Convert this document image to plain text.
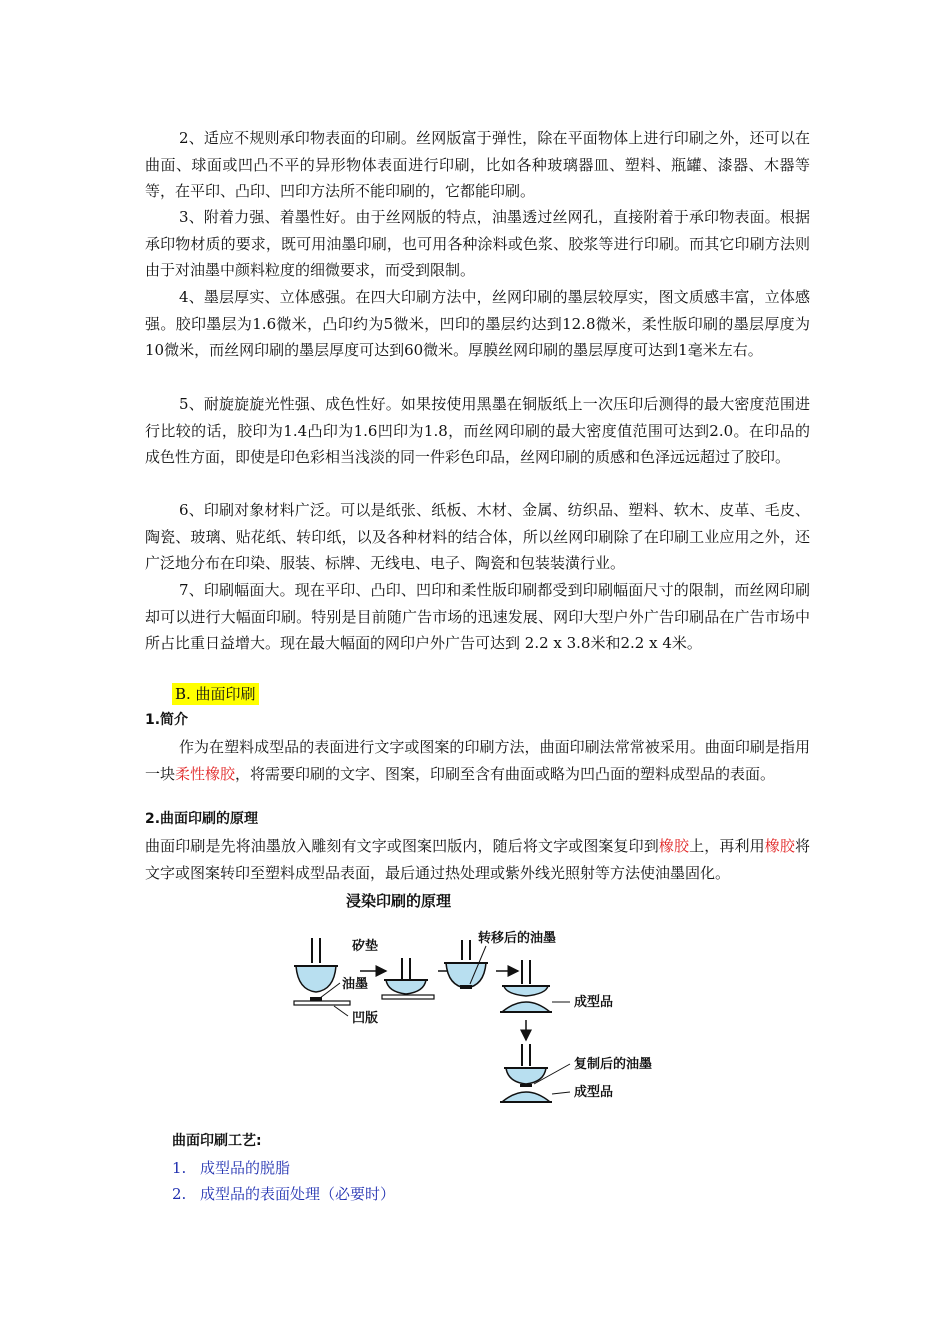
2、适应不规则承印物表面的印刷。丝网版富于弹性，除在平面物体上进行印刷之外，还可以在曲面、球面或凹凸不平的异形物体表面进行印刷，比如各种玻璃器皿、塑料、瓶罐、漆器、木器等等，在平印、凸印、凹印方法所不能印刷的，它都能印刷。

3、附着力强、着墨性好。由于丝网版的特点，油墨透过丝网孔，直接附着于承印物表面。根据承印物材质的要求，既可用油墨印刷，也可用各种涂料或色浆、胶浆等进行印刷。而其它印刷方法则由于对油墨中颜料粒度的细微要求，而受到限制。

4、墨层厚实、立体感强。在四大印刷方法中，丝网印刷的墨层较厚实，图文质感丰富，立体感强。胶印墨层为1.6微米，凸印约为5微米，凹印的墨层约达到12.8微米，柔性版印刷的墨层厚度为10微米，而丝网印刷的墨层厚度可达到60微米。厚膜丝网印刷的墨层厚度可达到1毫米左右。

5、耐旋旋旋光性强、成色性好。如果按使用黑墨在铜版纸上一次压印后测得的最大密度范围进行比较的话，胶印为1.4凸印为1.6凹印为1.8，而丝网印刷的最大密度值范围可达到2.0。在印品的成色性方面，即使是印色彩相当浅淡的同一件彩色印品，丝网印刷的质感和色泽远远超过了胶印。

6、印刷对象材料广泛。可以是纸张、纸板、木材、金属、纺织品、塑料、软木、皮革、毛皮、陶瓷、玻璃、贴花纸、转印纸，以及各种材料的结合体，所以丝网印刷除了在印刷工业应用之外，还广泛地分布在印染、服装、标牌、无线电、电子、陶瓷和包装装潢行业。

7、印刷幅面大。现在平印、凸印、凹印和柔性版印刷都受到印刷幅面尺寸的限制，而丝网印刷却可以进行大幅面印刷。特别是目前随广告市场的迅速发展、网印大型户外广告印刷品在广告市场中所占比重日益增大。现在最大幅面的网印户外广告可达到 2.2 x 3.8米和2.2 x 4米。

B. 曲面印刷

1.简介

作为在塑料成型品的表面进行文字或图案的印刷方法，曲面印刷法常常被采用。曲面印刷是指用一块柔性橡胶，将需要印刷的文字、图案，印刷至含有曲面或略为凹凸面的塑料成型品的表面。

2.曲面印刷的原理

曲面印刷是先将油墨放入雕刻有文字或图案凹版内，随后将文字或图案复印到橡胶上，再利用橡胶将文字或图案转印至塑料成型品表面，最后通过热处理或紫外线光照射等方法使油墨固化。

浸染印刷的原理
矽垫
油墨
凹版
转移后的油墨
成型品
复制后的油墨
成型品

曲面印刷工艺:

1. 成型品的脱脂
2. 成型品的表面处理（必要时）
